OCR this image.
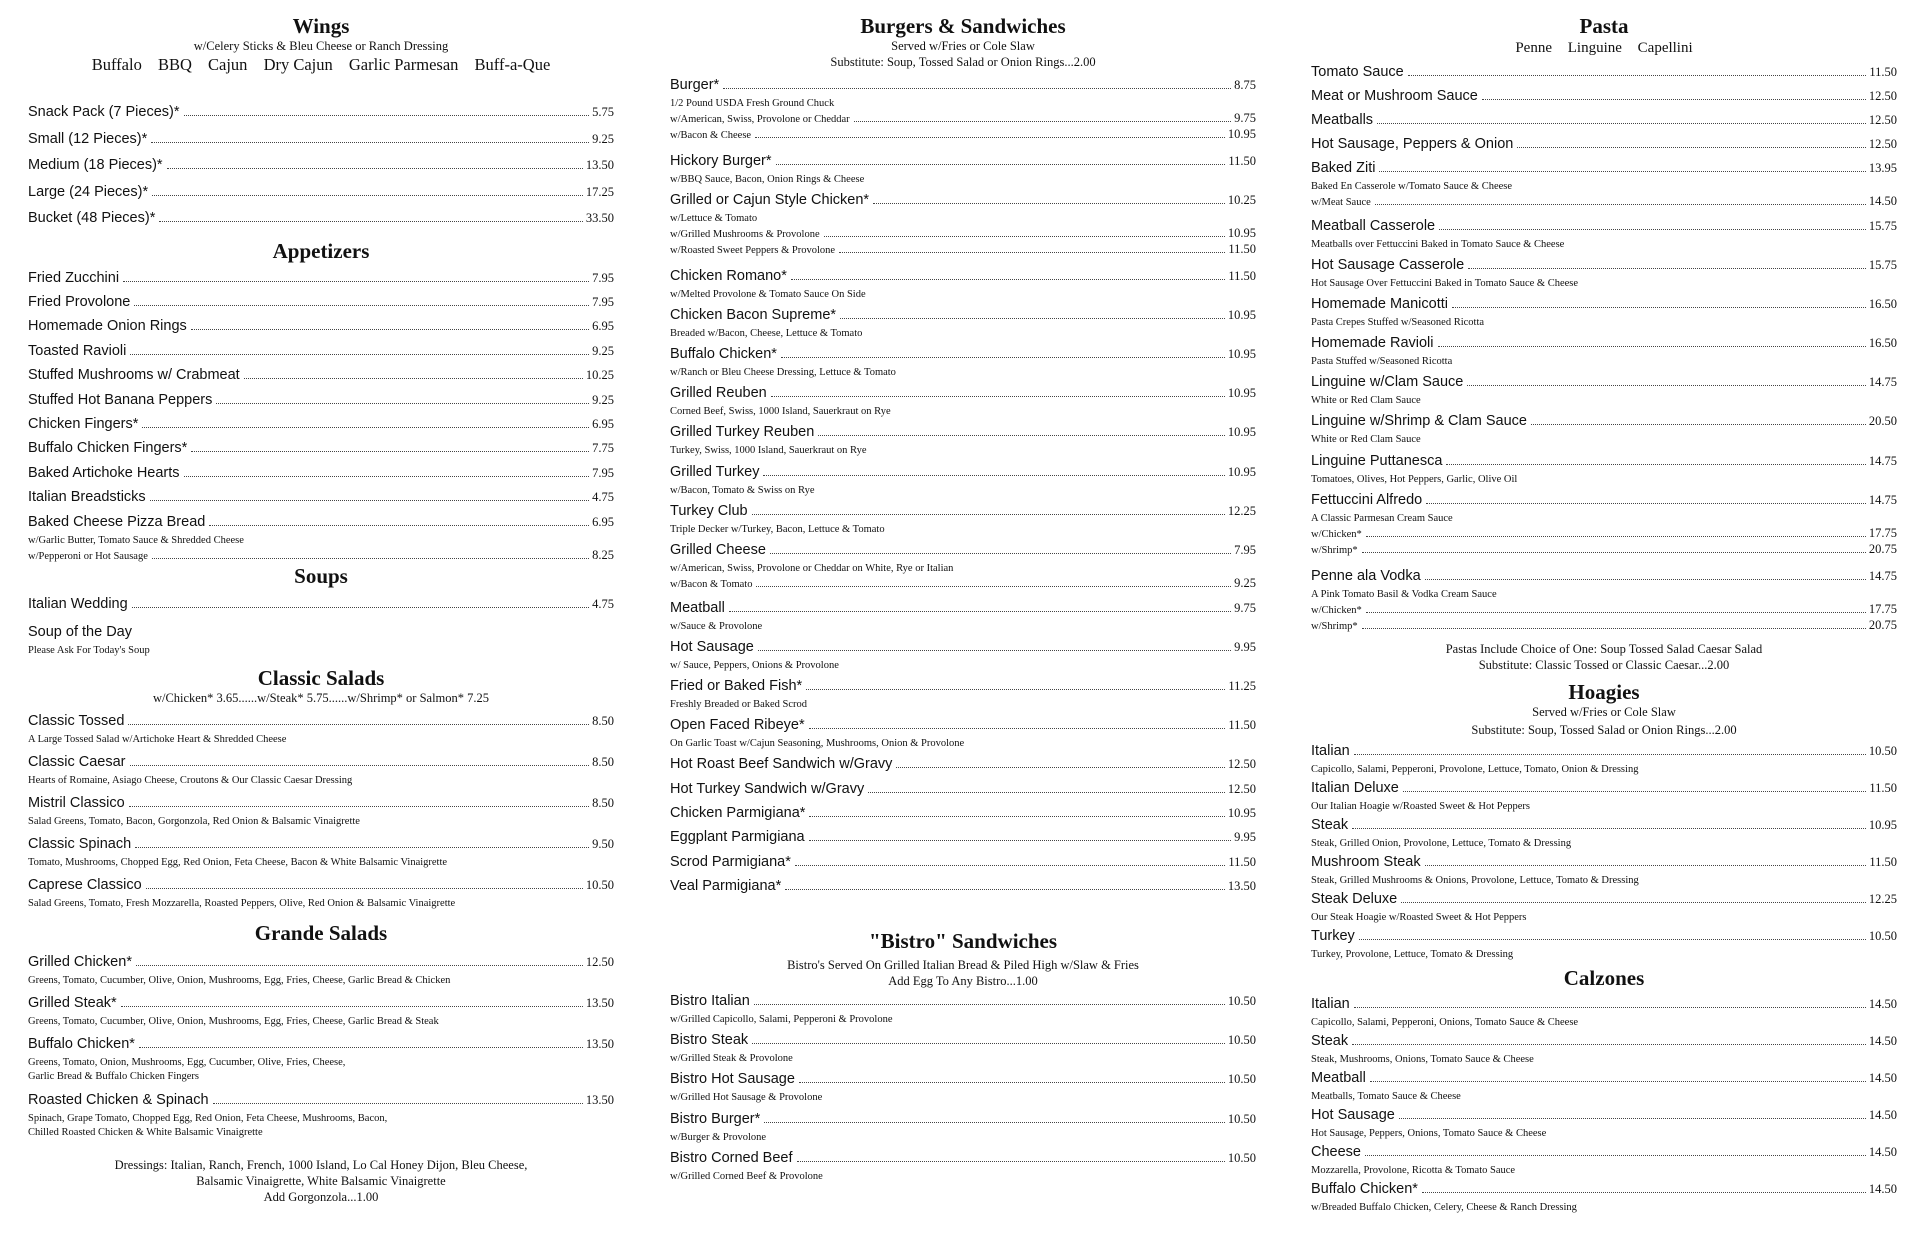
Wings
w/Celery Sticks & Bleu Cheese or Ranch Dressing
Buffalo BBQ Cajun Dry Cajun Garlic Parmesan Buff-a-Que
Snack Pack (7 Pieces)*	5.75
Small (12 Pieces)*	9.25
Medium (18 Pieces)*	13.50
Large (24 Pieces)*	17.25
Bucket (48 Pieces)*	33.50
Appetizers
Fried Zucchini	7.95
Fried Provolone	7.95
Homemade Onion Rings	6.95
Toasted Ravioli	9.25
Stuffed Mushrooms w/ Crabmeat	10.25
Stuffed Hot Banana Peppers	9.25
Chicken Fingers*	6.95
Buffalo Chicken Fingers*	7.75
Baked Artichoke Hearts	7.95
Italian Breadsticks	4.75
Baked Cheese Pizza Bread	6.95
w/Garlic Butter, Tomato Sauce & Shredded Cheese
w/Pepperoni or Hot Sausage	8.25
Soups
Italian Wedding	4.75
Soup of the Day
Please Ask For Today's Soup
Classic Salads
w/Chicken* 3.65......w/Steak* 5.75......w/Shrimp* or Salmon* 7.25
Classic Tossed	8.50
A Large Tossed Salad w/Artichoke Heart & Shredded Cheese
Classic Caesar	8.50
Hearts of Romaine, Asiago Cheese, Croutons & Our Classic Caesar Dressing
Mistril Classico	8.50
Salad Greens, Tomato, Bacon, Gorgonzola, Red Onion & Balsamic Vinaigrette
Classic Spinach	9.50
Tomato, Mushrooms, Chopped Egg, Red Onion, Feta Cheese, Bacon & White Balsamic Vinaigrette
Caprese Classico	10.50
Salad Greens, Tomato, Fresh Mozzarella, Roasted Peppers, Olive, Red Onion & Balsamic Vinaigrette
Grande Salads
Grilled Chicken*	12.50
Greens, Tomato, Cucumber, Olive, Onion, Mushrooms, Egg, Fries, Cheese, Garlic Bread & Chicken
Grilled Steak*	13.50
Greens, Tomato, Cucumber, Olive, Onion, Mushrooms, Egg, Fries, Cheese, Garlic Bread & Steak
Buffalo Chicken*	13.50
Greens, Tomato, Onion, Mushrooms, Egg, Cucumber, Olive, Fries, Cheese,
Garlic Bread & Buffalo Chicken Fingers
Roasted Chicken & Spinach	13.50
Spinach, Grape Tomato, Chopped Egg, Red Onion, Feta Cheese, Mushrooms, Bacon,
Chilled Roasted Chicken & White Balsamic Vinaigrette
Dressings: Italian, Ranch, French, 1000 Island, Lo Cal Honey Dijon, Bleu Cheese,
Balsamic Vinaigrette, White Balsamic Vinaigrette
Add Gorgonzola...1.00
Burgers & Sandwiches
Served w/Fries or Cole Slaw
Substitute: Soup, Tossed Salad or Onion Rings...2.00
Burger*	8.75
1/2 Pound USDA Fresh Ground Chuck
w/American, Swiss, Provolone or Cheddar	9.75
w/Bacon & Cheese	10.95
Hickory Burger*	11.50
w/BBQ Sauce, Bacon, Onion Rings & Cheese
Grilled or Cajun Style Chicken*	10.25
w/Lettuce & Tomato
w/Grilled Mushrooms & Provolone	10.95
w/Roasted Sweet Peppers & Provolone	11.50
Chicken Romano*	11.50
w/Melted Provolone & Tomato Sauce On Side
Chicken Bacon Supreme*	10.95
Breaded w/Bacon, Cheese, Lettuce & Tomato
Buffalo Chicken*	10.95
w/Ranch or Bleu Cheese Dressing, Lettuce & Tomato
Grilled Reuben	10.95
Corned Beef, Swiss, 1000 Island, Sauerkraut on Rye
Grilled Turkey Reuben	10.95
Turkey, Swiss, 1000 Island, Sauerkraut on Rye
Grilled Turkey	10.95
w/Bacon, Tomato & Swiss on Rye
Turkey Club	12.25
Triple Decker w/Turkey, Bacon, Lettuce & Tomato
Grilled Cheese	7.95
w/American, Swiss, Provolone or Cheddar on White, Rye or Italian
w/Bacon & Tomato	9.25
Meatball	9.75
w/Sauce & Provolone
Hot Sausage	9.95
w/ Sauce, Peppers, Onions & Provolone
Fried or Baked Fish*	11.25
Freshly Breaded or Baked Scrod
Open Faced Ribeye*	11.50
On Garlic Toast w/Cajun Seasoning, Mushrooms, Onion & Provolone
Hot Roast Beef Sandwich w/Gravy	12.50
Hot Turkey Sandwich w/Gravy	12.50
Chicken Parmigiana*	10.95
Eggplant Parmigiana	9.95
Scrod Parmigiana*	11.50
Veal Parmigiana*	13.50
"Bistro" Sandwiches
Bistro's Served On Grilled Italian Bread & Piled High w/Slaw & Fries
Add Egg To Any Bistro...1.00
Bistro Italian	10.50
w/Grilled Capicollo, Salami, Pepperoni & Provolone
Bistro Steak	10.50
w/Grilled Steak & Provolone
Bistro Hot Sausage	10.50
w/Grilled Hot Sausage & Provolone
Bistro Burger*	10.50
w/Burger & Provolone
Bistro Corned Beef	10.50
w/Grilled Corned Beef & Provolone
Pasta
Penne Linguine Capellini
Tomato Sauce	11.50
Meat or Mushroom Sauce	12.50
Meatballs	12.50
Hot Sausage, Peppers & Onion	12.50
Baked Ziti	13.95
Baked En Casserole w/Tomato Sauce & Cheese
w/Meat Sauce	14.50
Meatball Casserole	15.75
Meatballs over Fettuccini Baked in Tomato Sauce & Cheese
Hot Sausage Casserole	15.75
Hot Sausage Over Fettuccini Baked in Tomato Sauce & Cheese
Homemade Manicotti	16.50
Pasta Crepes Stuffed w/Seasoned Ricotta
Homemade Ravioli	16.50
Pasta Stuffed w/Seasoned Ricotta
Linguine w/Clam Sauce	14.75
White or Red Clam Sauce
Linguine w/Shrimp & Clam Sauce	20.50
White or Red Clam Sauce
Linguine Puttanesca	14.75
Tomatoes, Olives, Hot Peppers, Garlic, Olive Oil
Fettuccini Alfredo	14.75
A Classic Parmesan Cream Sauce
w/Chicken*	17.75
w/Shrimp*	20.75
Penne ala Vodka	14.75
A Pink Tomato Basil & Vodka Cream Sauce
w/Chicken*	17.75
w/Shrimp*	20.75
Pastas Include Choice of One: Soup Tossed Salad Caesar Salad
Substitute: Classic Tossed or Classic Caesar...2.00
Hoagies
Served w/Fries or Cole Slaw
Substitute: Soup, Tossed Salad or Onion Rings...2.00
Italian	10.50
Capicollo, Salami, Pepperoni, Provolone, Lettuce, Tomato, Onion & Dressing
Italian Deluxe	11.50
Our Italian Hoagie w/Roasted Sweet & Hot Peppers
Steak	10.95
Steak, Grilled Onion, Provolone, Lettuce, Tomato & Dressing
Mushroom Steak	11.50
Steak, Grilled Mushrooms & Onions, Provolone, Lettuce, Tomato & Dressing
Steak Deluxe	12.25
Our Steak Hoagie w/Roasted Sweet & Hot Peppers
Turkey	10.50
Turkey, Provolone, Lettuce, Tomato & Dressing
Calzones
Italian	14.50
Capicollo, Salami, Pepperoni, Onions, Tomato Sauce & Cheese
Steak	14.50
Steak, Mushrooms, Onions, Tomato Sauce & Cheese
Meatball	14.50
Meatballs, Tomato Sauce & Cheese
Hot Sausage	14.50
Hot Sausage, Peppers, Onions, Tomato Sauce & Cheese
Cheese	14.50
Mozzarella, Provolone, Ricotta & Tomato Sauce
Buffalo Chicken*	14.50
w/Breaded Buffalo Chicken, Celery, Cheese & Ranch Dressing
